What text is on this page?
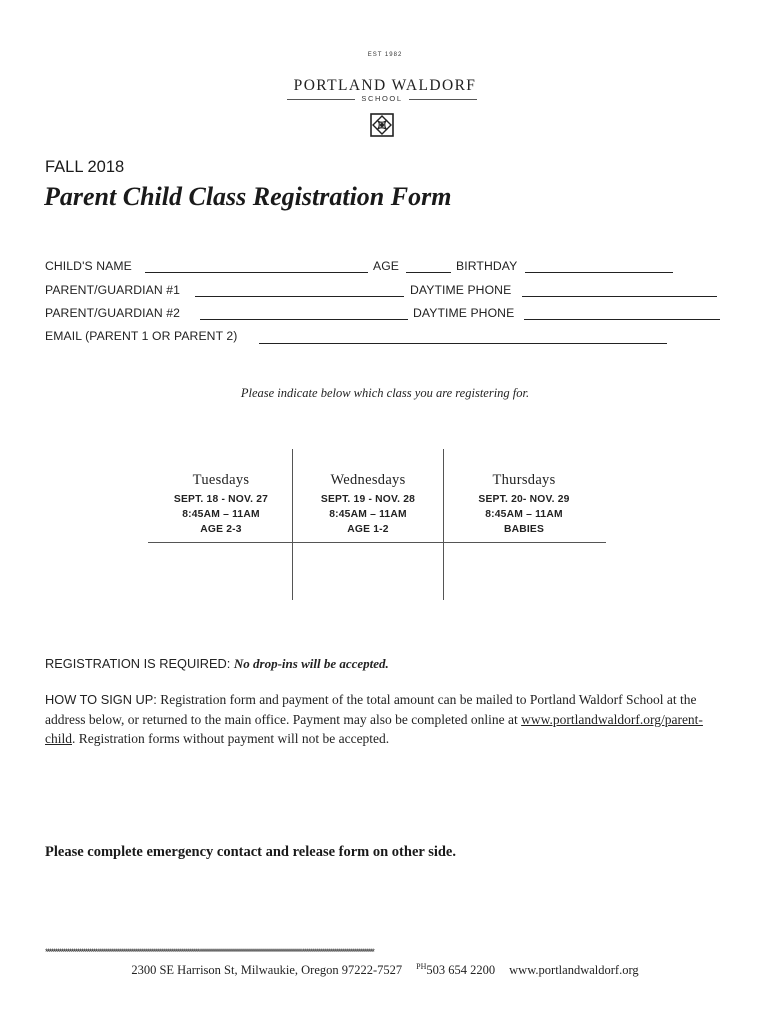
EST 1982
PORTLAND WALDORF
SCHOOL
FALL 2018
Parent Child Class Registration Form
CHILD'S NAME	AGE	BIRTHDAY
PARENT/GUARDIAN #1	DAYTIME PHONE
PARENT/GUARDIAN #2	DAYTIME PHONE
EMAIL (PARENT 1 OR PARENT 2)
Please indicate below which class you are registering for.
Tuesdays
SEPT. 18 - NOV. 27
8:45AM – 11AM
AGE 2-3
Wednesdays
SEPT. 19 - NOV. 28
8:45AM – 11AM
AGE 1-2
Thursdays
SEPT. 20- NOV. 29
8:45AM – 11AM
BABIES
REGISTRATION IS REQUIRED: No drop-ins will be accepted.
HOW TO SIGN UP: Registration form and payment of the total amount can be mailed to Portland Waldorf School at the address below, or returned to the main office. Payment may also be completed online at www.portlandwaldorf.org/parent-child. Registration forms without payment will not be accepted.
Please complete emergency contact and release form on other side.
********************************************************************************************************************************************************************
2300 SE Harrison St, Milwaukie, Oregon 97222-7527 $^{PH}$503 654 2200 www.portlandwaldorf.org
